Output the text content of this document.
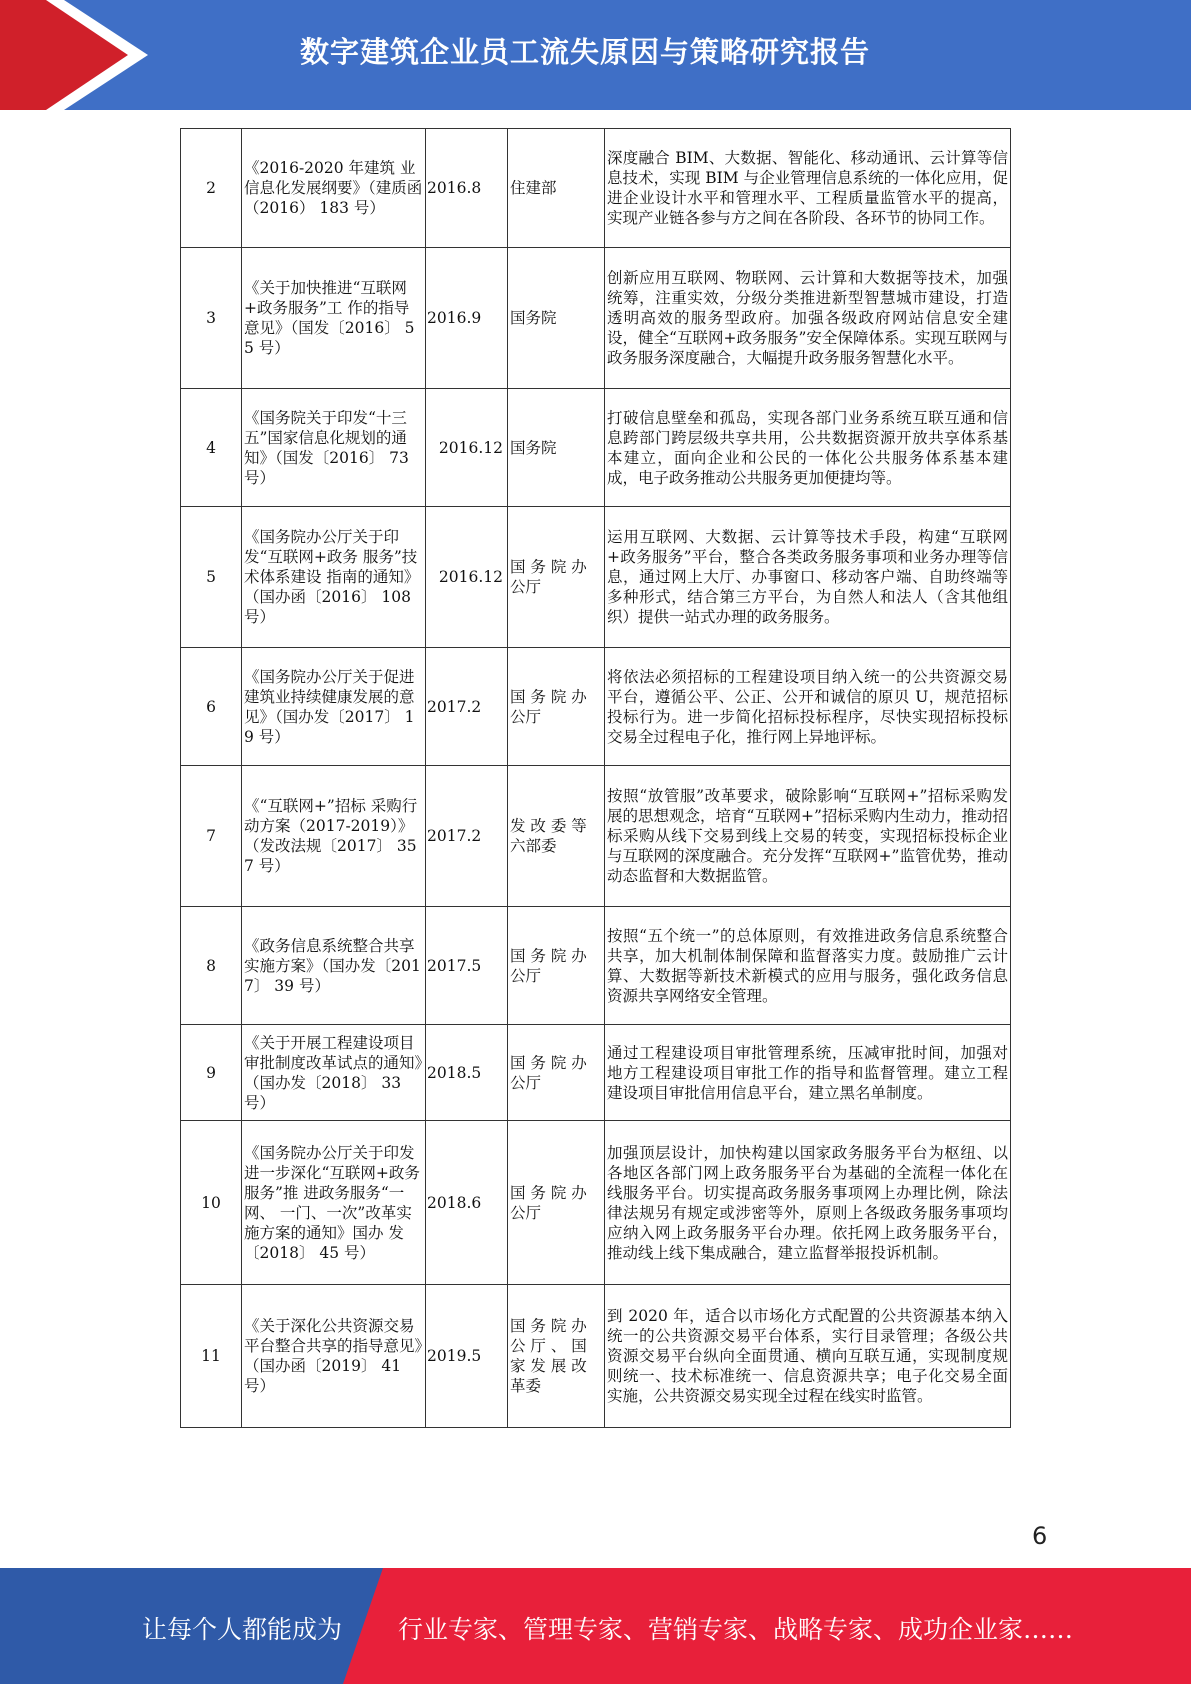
数字建筑企业员工流失原因与策略研究报告
2	《2016-2020 年建筑 业信息化发展纲要》（建质函（2016） 183 号）	2016.8	住建部	深度融合 BIM、大数据、智能化、移动通讯、云计算等信息技术，实现 BIM 与企业管理信息系统的一体化应用，促进企业设计水平和管理水平、工程质量监管水平的提高，实现产业链各参与方之间在各阶段、各环节的协同工作。
3	《关于加快推进“互联网+政务服务”工 作的指导意见》（国发〔2016〕 55 号）	2016.9	国务院	创新应用互联网、物联网、云计算和大数据等技术，加强统筹，注重实效，分级分类推进新型智慧城市建设，打造透明高效的服务型政府。加强各级政府网站信息安全建设，健全“互联网+政务服务”安全保障体系。实现互联网与政务服务深度融合，大幅提升政务服务智慧化水平。
4	《国务院关于印发“十三五”国家信息化规划的通知》（国发〔2016〕 73 号）	2016.12	国务院	打破信息壁垒和孤岛，实现各部门业务系统互联互通和信息跨部门跨层级共享共用，公共数据资源开放共享体系基本建立，面向企业和公民的一体化公共服务体系基本建成，电子政务推动公共服务更加便捷均等。
5	《国务院办公厅关于印发“互联网+政务 服务”技术体系建设 指南的通知》（国办函〔2016〕 108 号）	2016.12	国 务 院 办 公厅	运用互联网、大数据、云计算等技术手段，构建“互联网+政务服务”平台，整合各类政务服务事项和业务办理等信息，通过网上大厅、办事窗口、移动客户端、自助终端等多种形式，结合第三方平台，为自然人和法人（含其他组织）提供一站式办理的政务服务。
6	《国务院办公厅关于促进建筑业持续健康发展的意见》（国办发〔2017〕 19 号）	2017.2	国 务 院 办 公厅	将依法必须招标的工程建设项目纳入统一的公共资源交易平台，遵循公平、公正、公开和诚信的原贝 U，规范招标投标行为。进一步简化招标投标程序，尽快实现招标投标交易全过程电子化，推行网上异地评标。
7	《“互联网+”招标 采购行动方案（2017-2019）》（发改法规〔2017〕 357 号）	2017.2	发 改 委 等 六部委	按照“放管服”改革要求，破除影响“互联网+”招标采购发展的思想观念，培育“互联网+”招标采购内生动力，推动招标采购从线下交易到线上交易的转变，实现招标投标企业与互联网的深度融合。充分发挥“互联网+”监管优势，推动动态监督和大数据监管。
8	《政务信息系统整合共享实施方案》（国办发〔2017〕 39 号）	2017.5	国 务 院 办 公厅	按照“五个统一”的总体原则，有效推进政务信息系统整合共享，加大机制体制保障和监督落实力度。鼓励推广云计算、大数据等新技术新模式的应用与服务，强化政务信息资源共享网络安全管理。
9	《关于开展工程建设项目审批制度改革试点的通知》（国办发〔2018〕 33 号）	2018.5	国 务 院 办 公厅	通过工程建设项目审批管理系统，压减审批时间，加强对地方工程建设项目审批工作的指导和监督管理。建立工程建设项目审批信用信息平台，建立黑名单制度。
10	《国务院办公厅关于印发进一步深化“互联网+政务服务”推 进政务服务“一网、 一门、一次”改革实 施方案的通知》国办 发〔2018〕 45 号）	2018.6	国 务 院 办 公厅	加强顶层设计，加快构建以国家政务服务平台为枢纽、以各地区各部门网上政务服务平台为基础的全流程一体化在线服务平台。切实提高政务服务事项网上办理比例，除法律法规另有规定或涉密等外，原则上各级政务服务事项均应纳入网上政务服务平台办理。依托网上政务服务平台，推动线上线下集成融合，建立监督举报投诉机制。
11	《关于深化公共资源交易平台整合共享的指导意见》（国办函〔2019〕 41 号）	2019.5	国 务 院 办 公 厅 、 国 家 发 展 改 革委	到 2020 年，适合以市场化方式配置的公共资源基本纳入统一的公共资源交易平台体系，实行目录管理；各级公共资源交易平台纵向全面贯通、横向互联互通，实现制度规则统一、技术标准统一、信息资源共享；电子化交易全面实施，公共资源交易实现全过程在线实时监管。
6
让每个人都能成为 行业专家、管理专家、营销专家、战略专家、成功企业家……
